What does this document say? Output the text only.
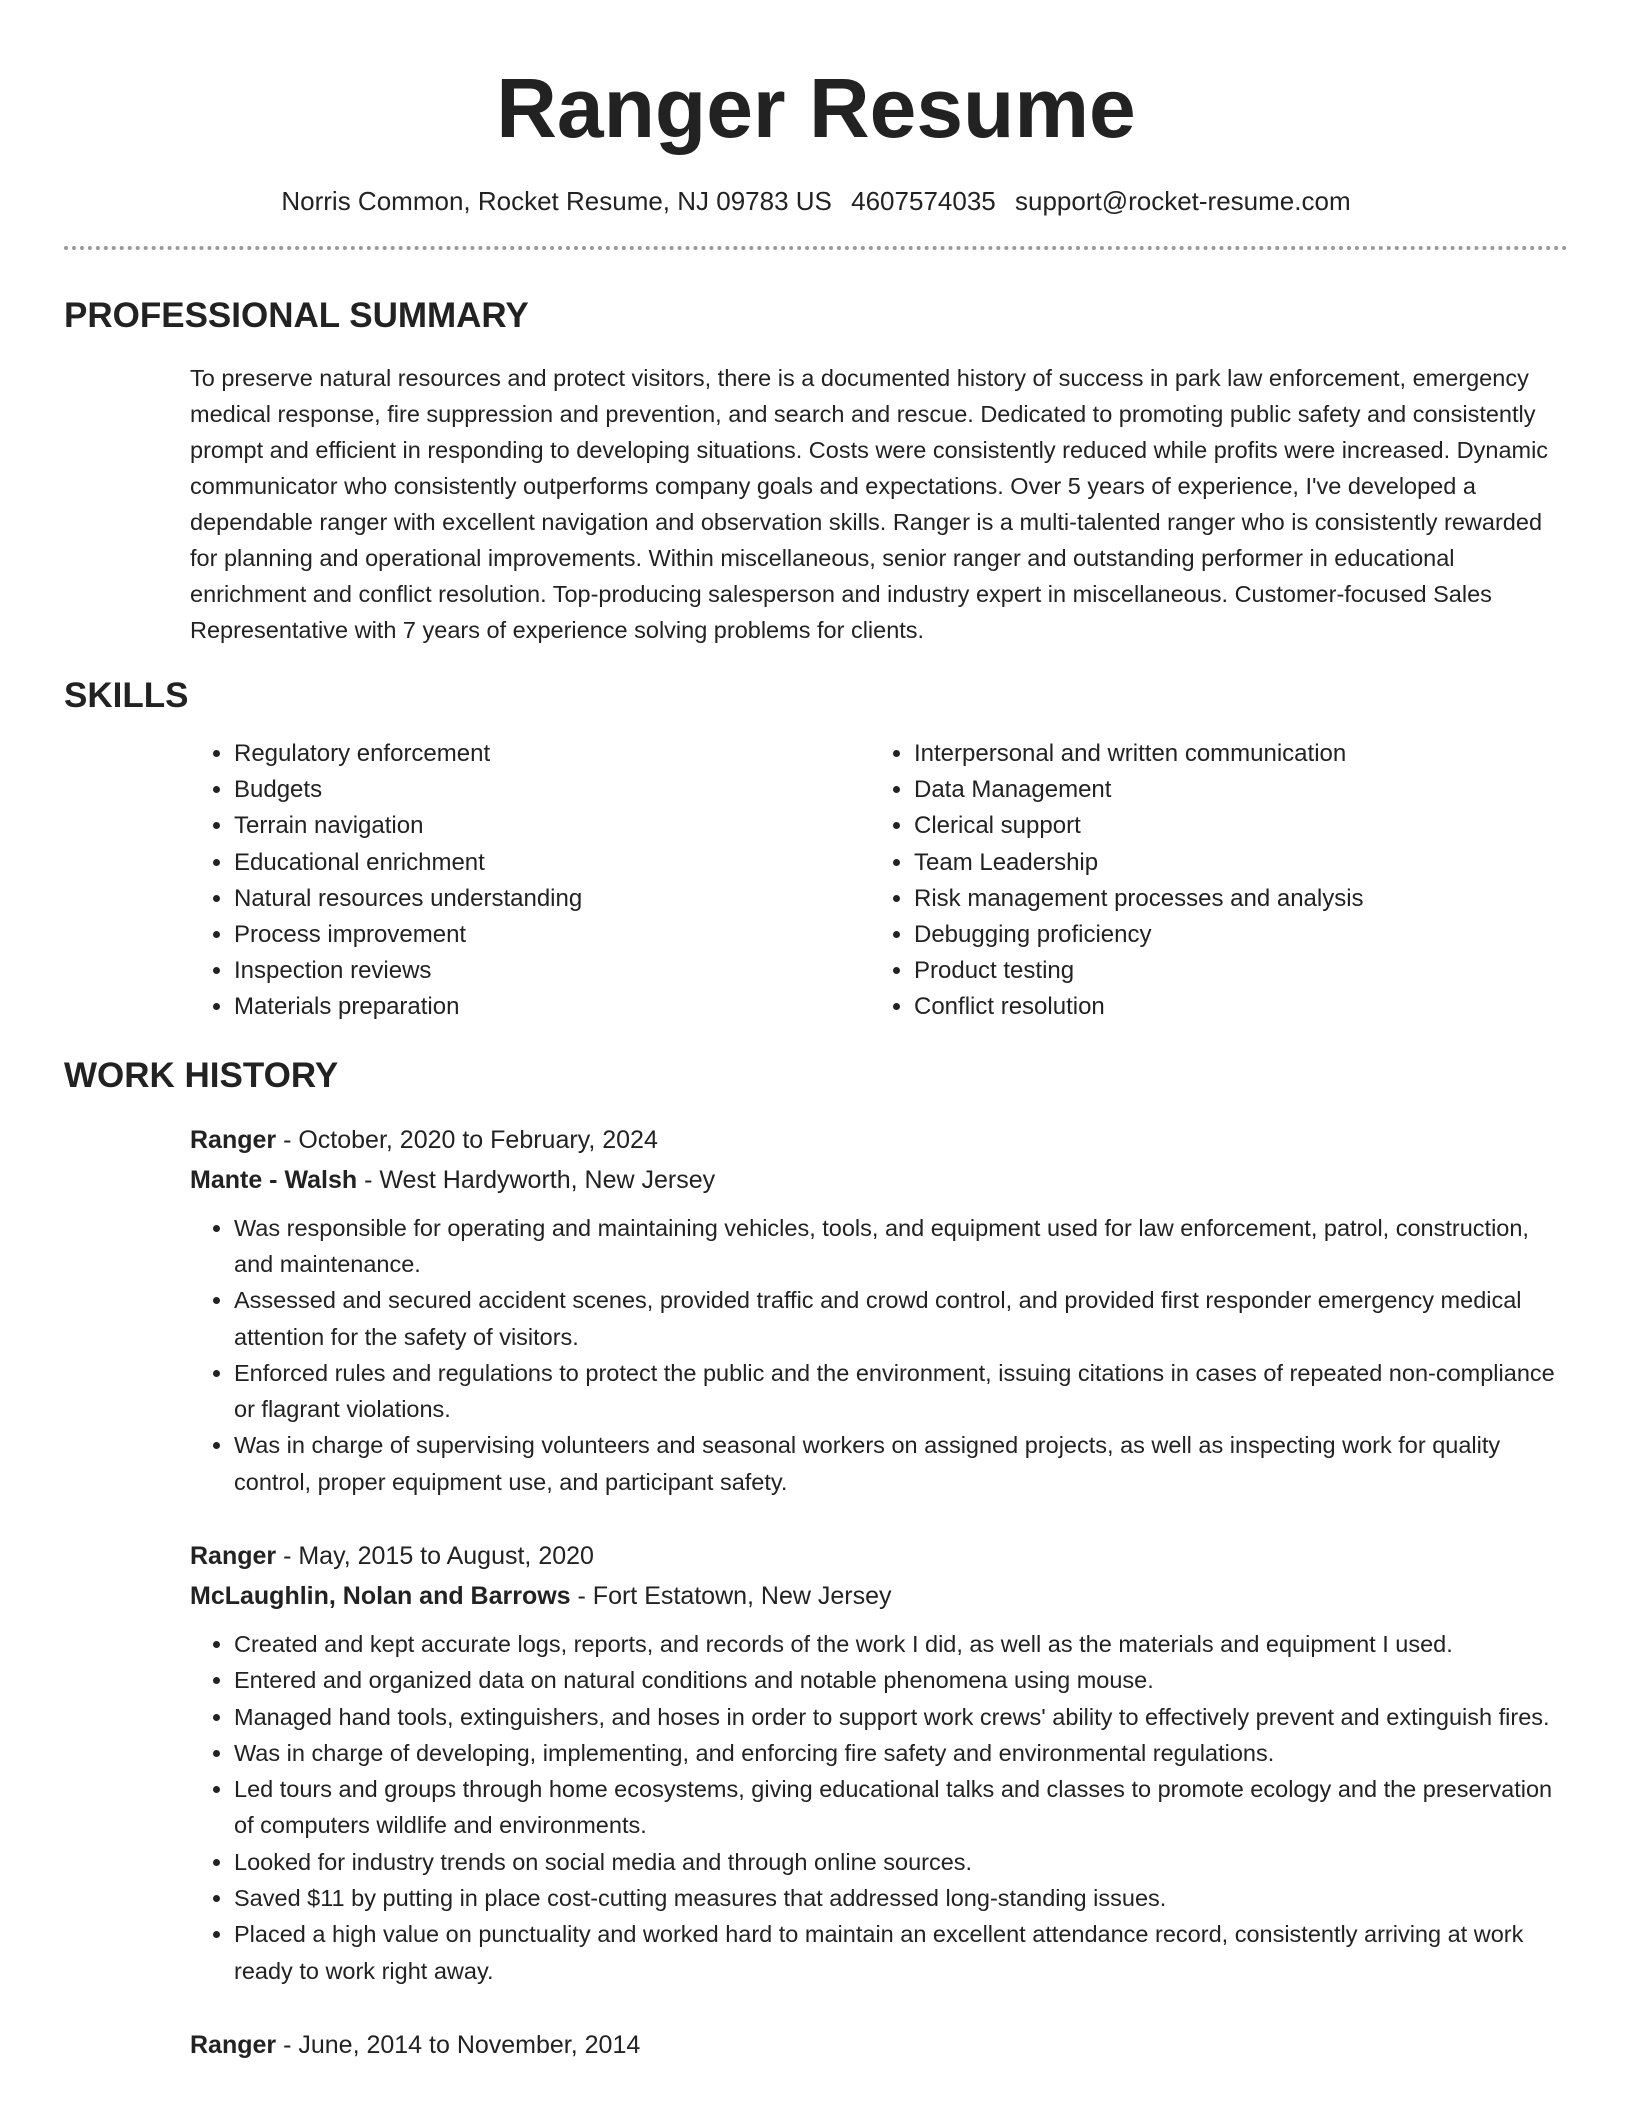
Ranger Resume
Norris Common, Rocket Resume, NJ 09783 US 4607574035 support@rocket-resume.com
PROFESSIONAL SUMMARY

To preserve natural resources and protect visitors, there is a documented history of success in park law enforcement, emergency medical response, fire suppression and prevention, and search and rescue. Dedicated to promoting public safety and consistently prompt and efficient in responding to developing situations. Costs were consistently reduced while profits were increased. Dynamic communicator who consistently outperforms company goals and expectations. Over 5 years of experience, I've developed a dependable ranger with excellent navigation and observation skills. Ranger is a multi-talented ranger who is consistently rewarded for planning and operational improvements. Within miscellaneous, senior ranger and outstanding performer in educational enrichment and conflict resolution. Top-producing salesperson and industry expert in miscellaneous. Customer-focused Sales Representative with 7 years of experience solving problems for clients.

SKILLS
• Regulatory enforcement
• Budgets
• Terrain navigation
• Educational enrichment
• Natural resources understanding
• Process improvement
• Inspection reviews
• Materials preparation
• Interpersonal and written communication
• Data Management
• Clerical support
• Team Leadership
• Risk management processes and analysis
• Debugging proficiency
• Product testing
• Conflict resolution
WORK HISTORY
Ranger - October, 2020 to February, 2024
Mante - Walsh - West Hardyworth, New Jersey
• Was responsible for operating and maintaining vehicles, tools, and equipment used for law enforcement, patrol, construction, and maintenance.
• Assessed and secured accident scenes, provided traffic and crowd control, and provided first responder emergency medical attention for the safety of visitors.
• Enforced rules and regulations to protect the public and the environment, issuing citations in cases of repeated non-compliance or flagrant violations.
• Was in charge of supervising volunteers and seasonal workers on assigned projects, as well as inspecting work for quality control, proper equipment use, and participant safety.
Ranger - May, 2015 to August, 2020
McLaughlin, Nolan and Barrows - Fort Estatown, New Jersey
• Created and kept accurate logs, reports, and records of the work I did, as well as the materials and equipment I used.
• Entered and organized data on natural conditions and notable phenomena using mouse.
• Managed hand tools, extinguishers, and hoses in order to support work crews' ability to effectively prevent and extinguish fires.
• Was in charge of developing, implementing, and enforcing fire safety and environmental regulations.
• Led tours and groups through home ecosystems, giving educational talks and classes to promote ecology and the preservation of computers wildlife and environments.
• Looked for industry trends on social media and through online sources.
• Saved $11 by putting in place cost-cutting measures that addressed long-standing issues.
• Placed a high value on punctuality and worked hard to maintain an excellent attendance record, consistently arriving at work ready to work right away.
Ranger - June, 2014 to November, 2014
